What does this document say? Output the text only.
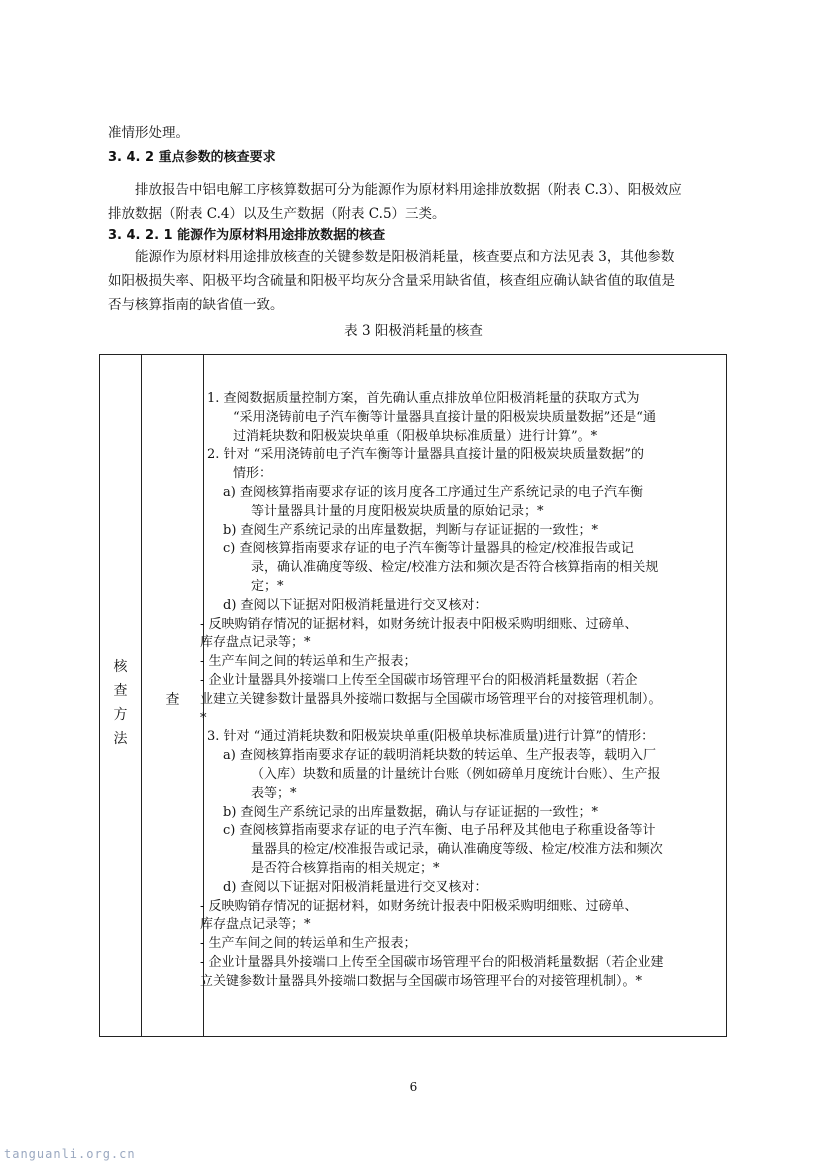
准情形处理。
3. 4. 2 重点参数的核查要求
排放报告中铝电解工序核算数据可分为能源作为原材料用途排放数据（附表 C.3）、阳极效应
排放数据（附表 C.4）以及生产数据（附表 C.5）三类。
3. 4. 2. 1 能源作为原材料用途排放数据的核查
能源作为原材料用途排放核查的关键参数是阳极消耗量，核查要点和方法见表 3，其他参数
如阳极损失率、阳极平均含硫量和阳极平均灰分含量采用缺省值，核查组应确认缺省值的取值是
否与核算指南的缺省值一致。
表 3 阳极消耗量的核查
核
查
方
法
查
1. 查阅数据质量控制方案，首先确认重点排放单位阳极消耗量的获取方式为
“采用浇铸前电子汽车衡等计量器具直接计量的阳极炭块质量数据”还是“通
过消耗块数和阳极炭块单重（阳极单块标准质量）进行计算”。*
2. 针对 “采用浇铸前电子汽车衡等计量器具直接计量的阳极炭块质量数据”的
情形：
a) 查阅核算指南要求存证的该月度各工序通过生产系统记录的电子汽车衡
等计量器具计量的月度阳极炭块质量的原始记录；*
b) 查阅生产系统记录的出库量数据，判断与存证证据的一致性；*
c) 查阅核算指南要求存证的电子汽车衡等计量器具的检定/校准报告或记
录，确认准确度等级、检定/校准方法和频次是否符合核算指南的相关规
定；*
d) 查阅以下证据对阳极消耗量进行交叉核对：
- 反映购销存情况的证据材料，如财务统计报表中阳极采购明细账、过磅单、
库存盘点记录等；*
- 生产车间之间的转运单和生产报表；
- 企业计量器具外接端口上传至全国碳市场管理平台的阳极消耗量数据（若企
业建立关键参数计量器具外接端口数据与全国碳市场管理平台的对接管理机制）。
*
3. 针对 “通过消耗块数和阳极炭块单重(阳极单块标准质量)进行计算”的情形：
a) 查阅核算指南要求存证的载明消耗块数的转运单、生产报表等，载明入厂
（入库）块数和质量的计量统计台账（例如磅单月度统计台账）、生产报
表等；*
b) 查阅生产系统记录的出库量数据，确认与存证证据的一致性；*
c) 查阅核算指南要求存证的电子汽车衡、电子吊秤及其他电子称重设备等计
量器具的检定/校准报告或记录，确认准确度等级、检定/校准方法和频次
是否符合核算指南的相关规定；*
d) 查阅以下证据对阳极消耗量进行交叉核对：
- 反映购销存情况的证据材料，如财务统计报表中阳极采购明细账、过磅单、
库存盘点记录等；*
- 生产车间之间的转运单和生产报表；
- 企业计量器具外接端口上传至全国碳市场管理平台的阳极消耗量数据（若企业建
立关键参数计量器具外接端口数据与全国碳市场管理平台的对接管理机制）。*
6
tanguanli.org.cn
